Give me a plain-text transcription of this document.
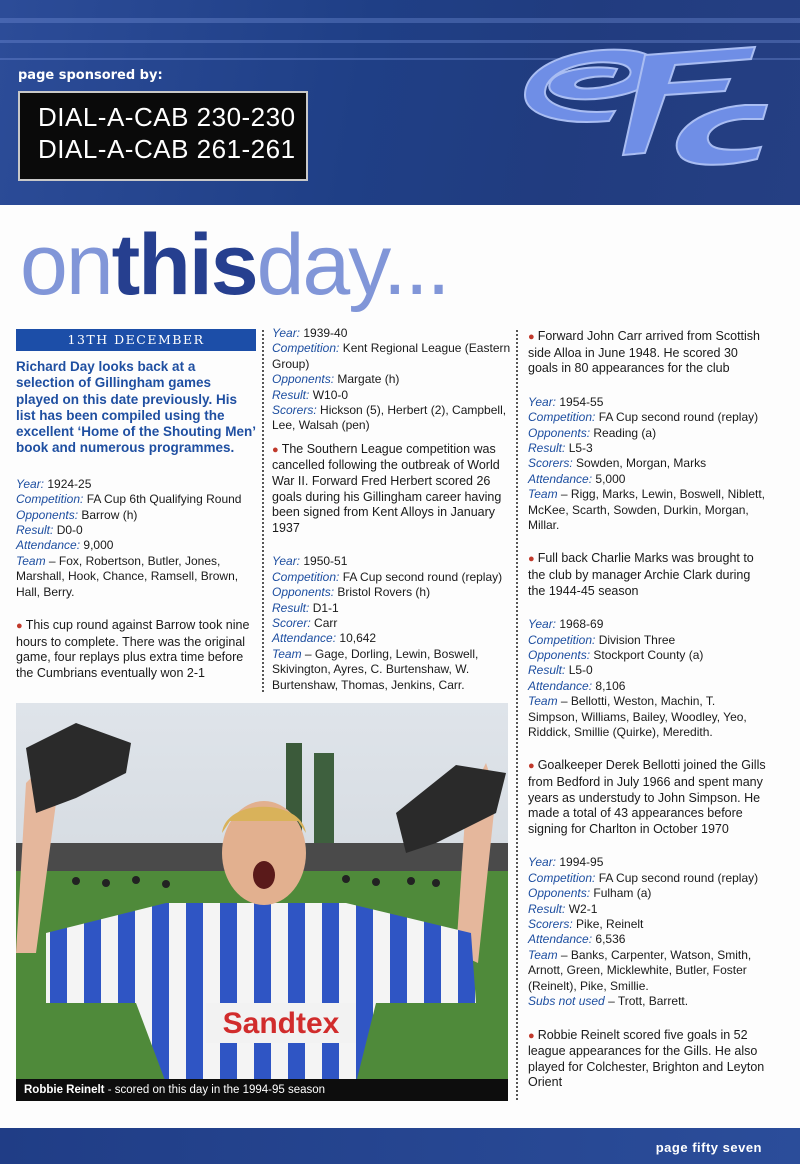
page sponsored by:
DIAL-A-CAB 230-230
DIAL-A-CAB 261-261
onthisday...
13TH DECEMBER
Richard Day looks back at a selection of Gillingham games played on this date previously. His list has been compiled using the excellent ‘Home of the Shouting Men’ book and numerous programmes.

Year: 1924-25

Competition: FA Cup 6th Qualifying Round

Opponents: Barrow (h)

Result: D0-0

Attendance: 9,000

Team – Fox, Robertson, Butler, Jones, Marshall, Hook, Chance, Ramsell, Brown, Hall, Berry.

● This cup round against Barrow took nine hours to complete. There was the original game, four replays plus extra time before the Cumbrians eventually won 2-1

Year: 1939-40

Competition: Kent Regional League (Eastern Group)

Opponents: Margate (h)

Result: W10-0

Scorers: Hickson (5), Herbert (2), Campbell, Lee, Walsah (pen)

● The Southern League competition was cancelled following the outbreak of World War II. Forward Fred Herbert scored 26 goals during his Gillingham career having been signed from Kent Alloys in January 1937

Year: 1950-51

Competition: FA Cup second round (replay)

Opponents: Bristol Rovers (h)

Result: D1-1

Scorer: Carr

Attendance: 10,642

Team – Gage, Dorling, Lewin, Boswell, Skivington, Ayres, C. Burtenshaw, W. Burtenshaw, Thomas, Jenkins, Carr.

● Forward John Carr arrived from Scottish side Alloa in June 1948. He scored 30 goals in 80 appearances for the club

Year: 1954-55

Competition: FA Cup second round (replay)

Opponents: Reading (a)

Result: L5-3

Scorers: Sowden, Morgan, Marks

Attendance: 5,000

Team – Rigg, Marks, Lewin, Boswell, Niblett, McKee, Scarth, Sowden, Durkin, Morgan, Millar.

● Full back Charlie Marks was brought to the club by manager Archie Clark during the 1944-45 season

Year: 1968-69

Competition: Division Three

Opponents: Stockport County (a)

Result: L5-0

Attendance: 8,106

Team – Bellotti, Weston, Machin, T. Simpson, Williams, Bailey, Woodley, Yeo, Riddick, Smillie (Quirke), Meredith.

● Goalkeeper Derek Bellotti joined the Gills from Bedford in July 1966 and spent many years as understudy to John Simpson. He made a total of 43 appearances before signing for Charlton in October 1970

Year: 1994-95

Competition: FA Cup second round (replay)

Opponents: Fulham (a)

Result: W2-1

Scorers: Pike, Reinelt

Attendance: 6,536

Team – Banks, Carpenter, Watson, Smith, Arnott, Green, Micklewhite, Butler, Foster (Reinelt), Pike, Smillie.

Subs not used – Trott, Barrett.

● Robbie Reinelt scored five goals in 52 league appearances for the Gills. He also played for Colchester, Brighton and Leyton Orient

Sandtex
Robbie Reinelt - scored on this day in the 1994-95 season
page fifty seven
